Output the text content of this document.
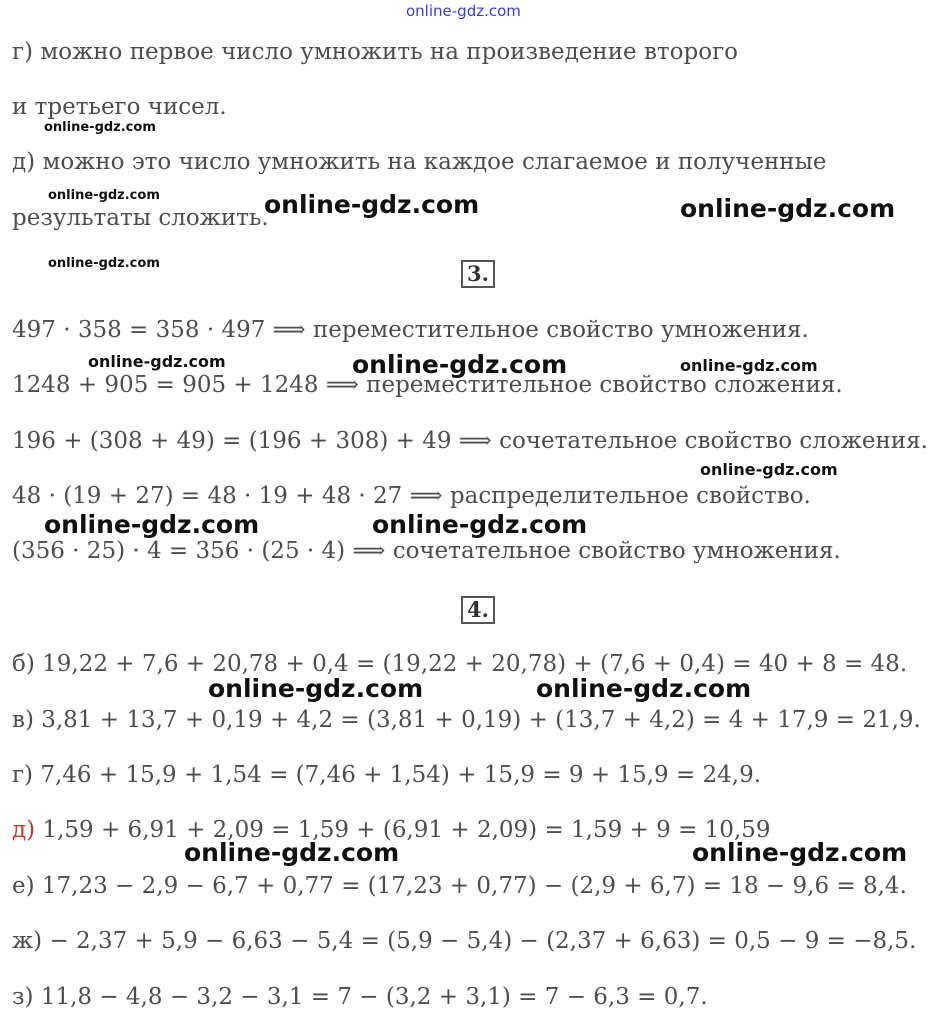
online-gdz.com
г) можно первое число умножить на произведение второго
и третьего чисел.
д) можно это число умножить на каждое слагаемое и полученные
результаты сложить.
3.
497 · 358 = 358 · 497 ⟹ переместительное свойство умножения.
1248 + 905 = 905 + 1248 ⟹ переместительное свойство сложения.
196 + (308 + 49) = (196 + 308) + 49 ⟹ сочетательное свойство сложения.
48 · (19 + 27) = 48 · 19 + 48 · 27 ⟹ распределительное свойство.
(356 · 25) · 4 = 356 · (25 · 4) ⟹ сочетательное свойство умножения.
4.
б) 19,22 + 7,6 + 20,78 + 0,4 = (19,22 + 20,78) + (7,6 + 0,4) = 40 + 8 = 48.
в) 3,81 + 13,7 + 0,19 + 4,2 = (3,81 + 0,19) + (13,7 + 4,2) = 4 + 17,9 = 21,9.
г) 7,46 + 15,9 + 1,54 = (7,46 + 1,54) + 15,9 = 9 + 15,9 = 24,9.
д) 1,59 + 6,91 + 2,09 = 1,59 + (6,91 + 2,09) = 1,59 + 9 = 10,59
е) 17,23 − 2,9 − 6,7 + 0,77 = (17,23 + 0,77) − (2,9 + 6,7) = 18 − 9,6 = 8,4.
ж) − 2,37 + 5,9 − 6,63 − 5,4 = (5,9 − 5,4) − (2,37 + 6,63) = 0,5 − 9 = −8,5.
з) 11,8 − 4,8 − 3,2 − 3,1 = 7 − (3,2 + 3,1) = 7 − 6,3 = 0,7.
online-gdz.com
online-gdz.com
online-gdz.com
online-gdz.com	online-gdz.com
online-gdz.com	online-gdz.com	online-gdz.com
online-gdz.com
online-gdz.com	online-gdz.com
online-gdz.com	online-gdz.com
online-gdz.com	online-gdz.com
